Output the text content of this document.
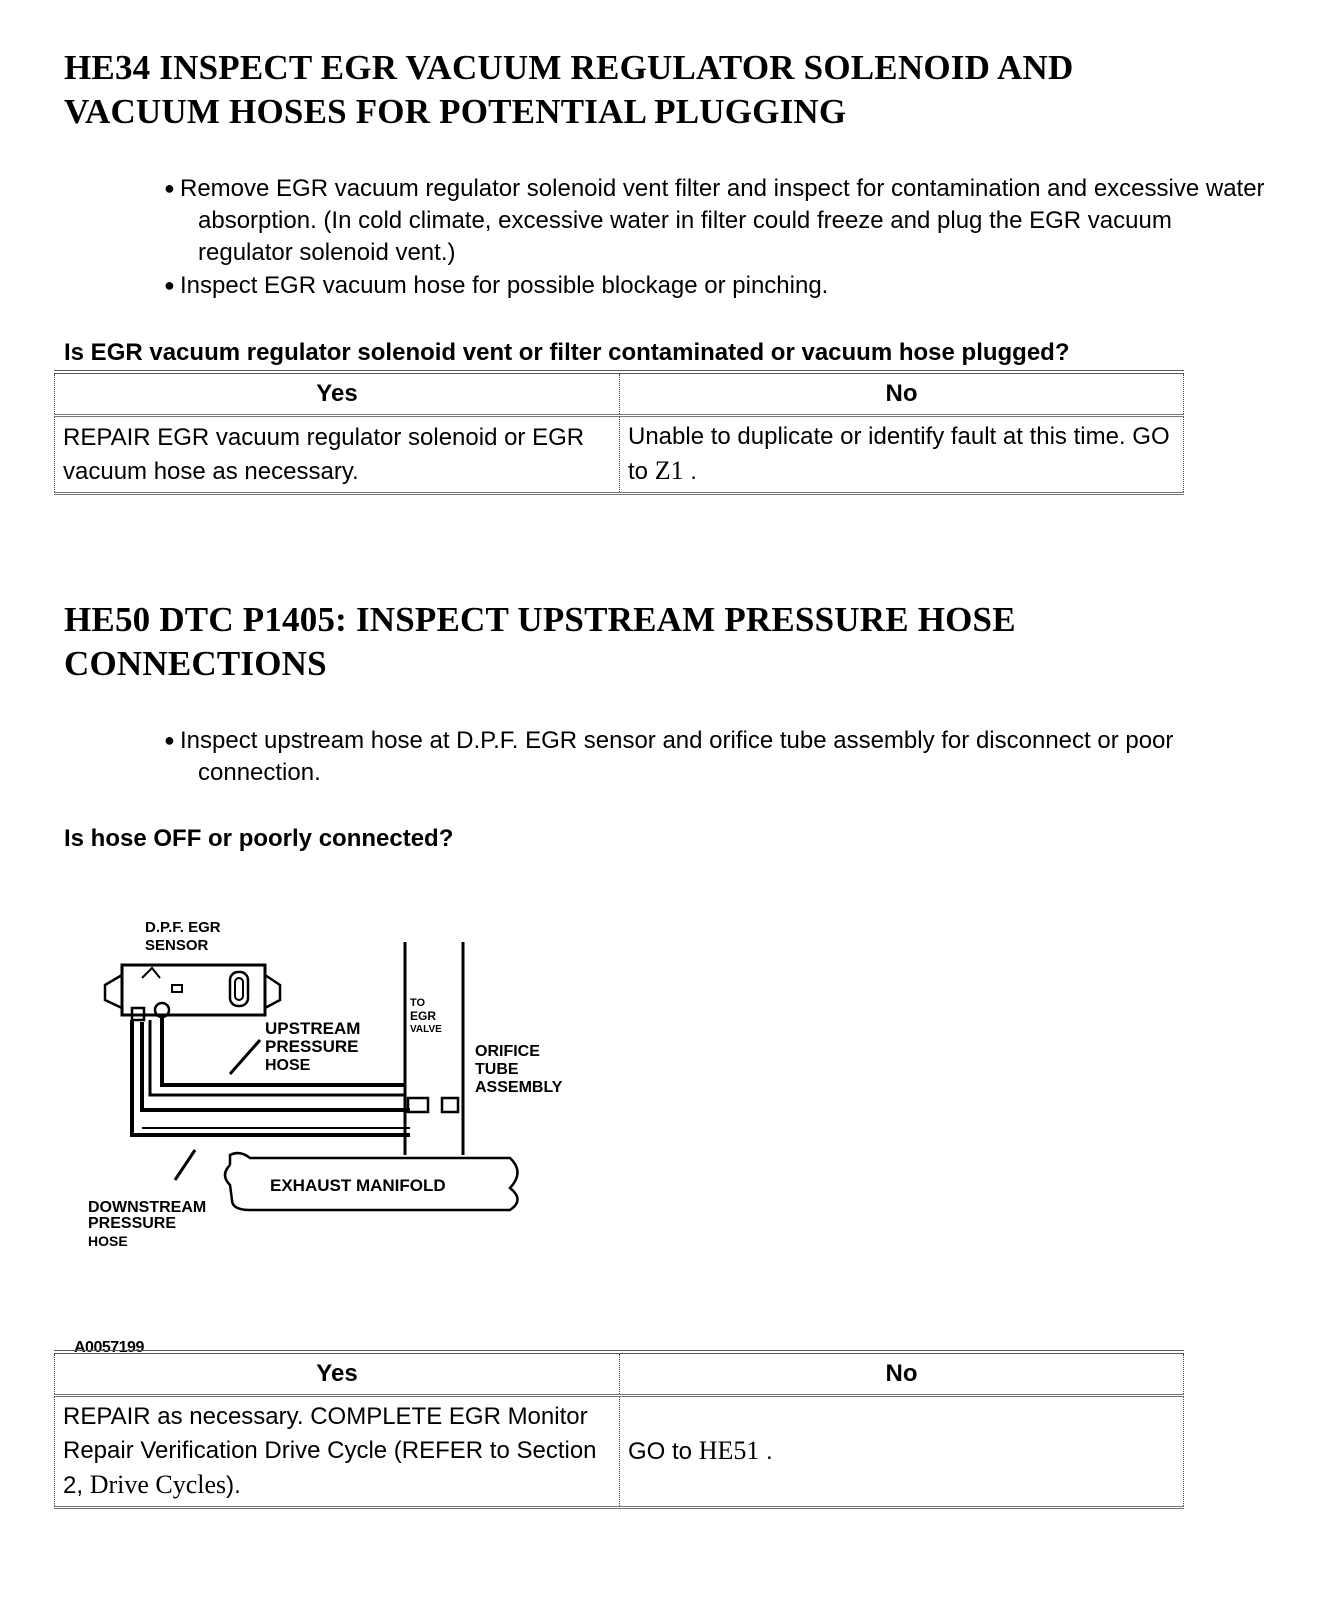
HE34 INSPECT EGR VACUUM REGULATOR SOLENOID AND
VACUUM HOSES FOR POTENTIAL PLUGGING
● Remove EGR vacuum regulator solenoid vent filter and inspect for contamination and excessive water absorption. (In cold climate, excessive water in filter could freeze and plug the EGR vacuum regulator solenoid vent.)
● Inspect EGR vacuum hose for possible blockage or pinching.

Is EGR vacuum regulator solenoid vent or filter contaminated or vacuum hose plugged?

Yes	No
REPAIR EGR vacuum regulator solenoid or EGR vacuum hose as necessary.	Unable to duplicate or identify fault at this time. GO to Z1 .
HE50 DTC P1405: INSPECT UPSTREAM PRESSURE HOSE
CONNECTIONS
● Inspect upstream hose at D.P.F. EGR sensor and orifice tube assembly for disconnect or poor connection.

Is hose OFF or poorly connected?

D.P.F. EGR
SENSOR
UPSTREAM
PRESSURE
HOSE
TO
EGR
VALVE
ORIFICE
TUBE
ASSEMBLY
EXHAUST MANIFOLD
DOWNSTREAM
PRESSURE
HOSE
A0057199
Yes	No
REPAIR as necessary. COMPLETE EGR Monitor Repair Verification Drive Cycle (REFER to Section 2, Drive Cycles).	GO to HE51 .
